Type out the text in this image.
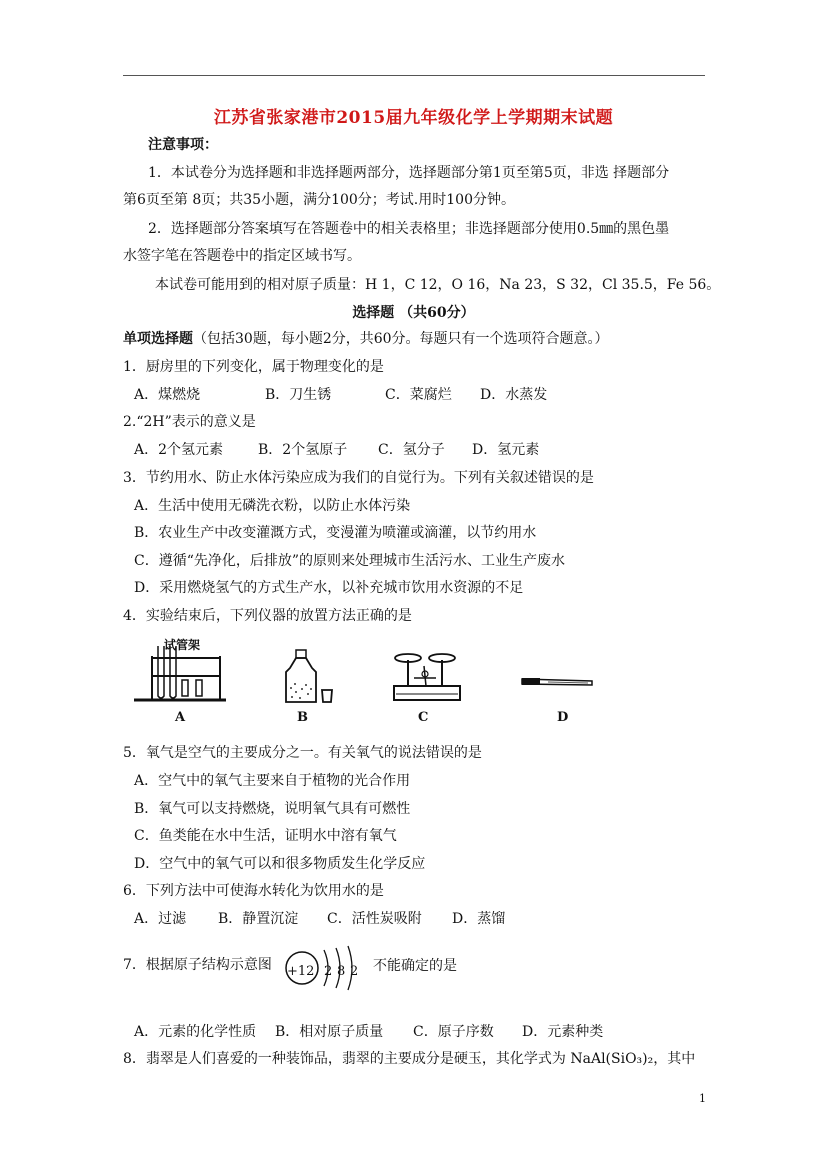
江苏省张家港市2015届九年级化学上学期期末试题
注意事项：
1．本试卷分为选择题和非选择题两部分，选择题部分第1页至第5页，非选 择题部分
第6页至第 8页；共35小题，满分100分；考试.用时100分钟。
2．选择题部分答案填写在答题卷中的相关表格里；非选择题部分使用0.5㎜的黑色墨
水签字笔在答题卷中的指定区域书写。
本试卷可能用到的相对原子质量：H 1，C 12，O 16，Na 23，S 32，Cl 35.5，Fe 56。
选择题 （共60分）
单项选择题（包括30题，每小题2分，共60分。每题只有一个选项符合题意。）
1．厨房里的下列变化，属于物理变化的是
A．煤燃烧	B．刀生锈	C．菜腐烂 D．水蒸发
2.“2H”表示的意义是
A．2个氢元素 B．2个氢原子 C．氢分子 D．氢元素
3．节约用水、防止水体污染应成为我们的自觉行为。下列有关叙述错误的是
A．生活中使用无磷洗衣粉，以防止水体污染
B．农业生产中改变灌溉方式，变漫灌为喷灌或滴灌，以节约用水
C．遵循“先净化，后排放”的原则来处理城市生活污水、工业生产废水
D．采用燃烧氢气的方式生产水，以补充城市饮用水资源的不足
4．实验结束后，下列仪器的放置方法正确的是
试管架
A	B	C	D
5．氧气是空气的主要成分之一。有关氧气的说法错误的是
A．空气中的氧气主要来自于植物的光合作用
B．氧气可以支持燃烧，说明氧气具有可燃性
C．鱼类能在水中生活，证明水中溶有氧气
D．空气中的氧气可以和很多物质发生化学反应
6．下列方法中可使海水转化为饮用水的是
A．过滤 B．静置沉淀 C．活性炭吸附 D．蒸馏
7．根据原子结构示意图 +12 2 8 2 不能确定的是
A．元素的化学性质 B．相对原子质量 C．原子序数 D．元素种类
8．翡翠是人们喜爱的一种装饰品，翡翠的主要成分是硬玉，其化学式为 NaAl(SiO₃)₂，其中
1
